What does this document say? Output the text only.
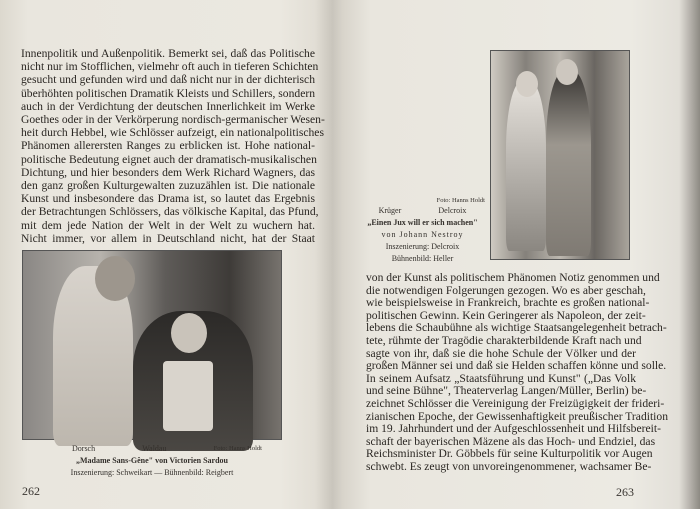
Innenpolitik und Außenpolitik. Bemerkt sei, daß das Politische
nicht nur im Stofflichen, vielmehr oft auch in tieferen Schichten
gesucht und gefunden wird und daß nicht nur in der dichterisch
überhöhten politischen Dramatik Kleists und Schillers, sondern
auch in der Verdichtung der deutschen Innerlichkeit im Werke
Goethes oder in der Verkörperung nordisch-germanischer Wesen-
heit durch Hebbel, wie Schlösser aufzeigt, ein nationalpolitisches
Phänomen allerersten Ranges zu erblicken ist. Hohe national-
politische Bedeutung eignet auch der dramatisch-musikalischen
Dichtung, und hier besonders dem Werk Richard Wagners, das
den ganz großen Kulturgewalten zuzuzählen ist. Die nationale
Kunst und insbesondere das Drama ist, so lautet das Ergebnis
der Betrachtungen Schlössers, das völkische Kapital, das Pfund,
mit dem jede Nation der Welt in der Welt zu wuchern hat.
Nicht immer, vor allem in Deutschland nicht, hat der Staat
Dorsch	Waldau	Foto: Hanns Holdt
„Madame Sans-Gêne" von Victorien Sardou
Inszenierung: Schweikart — Bühnenbild: Reigbert
262
Foto: Hanns Holdt
Krüger	Delcroix
„Einen Jux will er sich machen"
von Johann Nestroy
Inszenierung: Delcroix
Bühnenbild: Heller
von der Kunst als politischem Phänomen Notiz genommen und
die notwendigen Folgerungen gezogen. Wo es aber geschah,
wie beispielsweise in Frankreich, brachte es großen national-
politischen Gewinn. Kein Geringerer als Napoleon, der zeit-
lebens die Schaubühne als wichtige Staatsangelegenheit betrach-
tete, rühmte der Tragödie charakterbildende Kraft nach und
sagte von ihr, daß sie die hohe Schule der Völker und der
großen Männer sei und daß sie Helden schaffen könne und solle.
In seinem Aufsatz „Staatsführung und Kunst" („Das Volk
und seine Bühne", Theaterverlag Langen/Müller, Berlin) be-
zeichnet Schlösser die Vereinigung der Freizügigkeit der friderі-
zianischen Epoche, der Gewissenhaftigkeit preußischer Tradition
im 19. Jahrhundert und der Aufgeschlossenheit und Hilfsbereit-
schaft der bayerischen Mäzene als das Hoch- und Endziel, das
Reichsminister Dr. Göbbels für seine Kulturpolitik vor Augen
schwebt. Es zeugt von unvoreingenommener, wachsamer Be-
263
